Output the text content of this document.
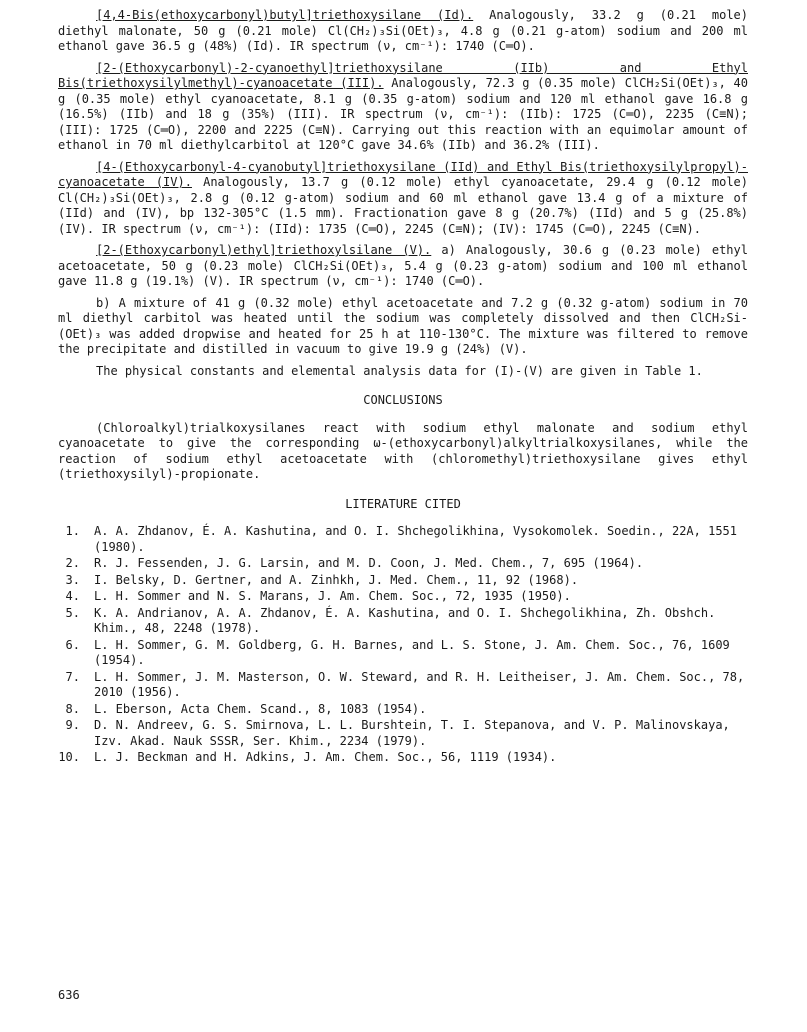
[4,4-Bis(ethoxycarbonyl)butyl]triethoxysilane (Id). Analogously, 33.2 g (0.21 mole) diethyl malonate, 50 g (0.21 mole) Cl(CH₂)₃Si(OEt)₃, 4.8 g (0.21 g-atom) sodium and 200 ml ethanol gave 36.5 g (48%) (Id). IR spectrum (ν, cm⁻¹): 1740 (C═O).

[2-(Ethoxycarbonyl)-2-cyanoethyl]triethoxysilane (IIb) and Ethyl Bis(triethoxysilylmethyl)-cyanoacetate (III). Analogously, 72.3 g (0.35 mole) ClCH₂Si(OEt)₃, 40 g (0.35 mole) ethyl cyanoacetate, 8.1 g (0.35 g-atom) sodium and 120 ml ethanol gave 16.8 g (16.5%) (IIb) and 18 g (35%) (III). IR spectrum (ν, cm⁻¹): (IIb): 1725 (C═O), 2235 (C≡N); (III): 1725 (C═O), 2200 and 2225 (C≡N). Carrying out this reaction with an equimolar amount of ethanol in 70 ml diethylcarbitol at 120°C gave 34.6% (IIb) and 36.2% (III).

[4-(Ethoxycarbonyl-4-cyanobutyl]triethoxysilane (IId) and Ethyl Bis(triethoxysilylpropyl)-cyanoacetate (IV). Analogously, 13.7 g (0.12 mole) ethyl cyanoacetate, 29.4 g (0.12 mole) Cl(CH₂)₃Si(OEt)₃, 2.8 g (0.12 g-atom) sodium and 60 ml ethanol gave 13.4 g of a mixture of (IId) and (IV), bp 132-305°C (1.5 mm). Fractionation gave 8 g (20.7%) (IId) and 5 g (25.8%) (IV). IR spectrum (ν, cm⁻¹): (IId): 1735 (C═O), 2245 (C≡N); (IV): 1745 (C═O), 2245 (C≡N).

[2-(Ethoxycarbonyl)ethyl]triethoxylsilane (V). a) Analogously, 30.6 g (0.23 mole) ethyl acetoacetate, 50 g (0.23 mole) ClCH₂Si(OEt)₃, 5.4 g (0.23 g-atom) sodium and 100 ml ethanol gave 11.8 g (19.1%) (V). IR spectrum (ν, cm⁻¹): 1740 (C═O).

b) A mixture of 41 g (0.32 mole) ethyl acetoacetate and 7.2 g (0.32 g-atom) sodium in 70 ml diethyl carbitol was heated until the sodium was completely dissolved and then ClCH₂Si-(OEt)₃ was added dropwise and heated for 25 h at 110-130°C. The mixture was filtered to remove the precipitate and distilled in vacuum to give 19.9 g (24%) (V).

The physical constants and elemental analysis data for (I)-(V) are given in Table 1.

CONCLUSIONS

(Chloroalkyl)trialkoxysilanes react with sodium ethyl malonate and sodium ethyl cyanoacetate to give the corresponding ω-(ethoxycarbonyl)alkyltrialkoxysilanes, while the reaction of sodium ethyl acetoacetate with (chloromethyl)triethoxysilane gives ethyl (triethoxysilyl)-propionate.

LITERATURE CITED

1. A. A. Zhdanov, É. A. Kashutina, and O. I. Shchegolikhina, Vysokomolek. Soedin., 22A, 1551 (1980).
2. R. J. Fessenden, J. G. Larsin, and M. D. Coon, J. Med. Chem., 7, 695 (1964).
3. I. Belsky, D. Gertner, and A. Zinhkh, J. Med. Chem., 11, 92 (1968).
4. L. H. Sommer and N. S. Marans, J. Am. Chem. Soc., 72, 1935 (1950).
5. K. A. Andrianov, A. A. Zhdanov, É. A. Kashutina, and O. I. Shchegolikhina, Zh. Obshch. Khim., 48, 2248 (1978).
6. L. H. Sommer, G. M. Goldberg, G. H. Barnes, and L. S. Stone, J. Am. Chem. Soc., 76, 1609 (1954).
7. L. H. Sommer, J. M. Masterson, O. W. Steward, and R. H. Leitheiser, J. Am. Chem. Soc., 78, 2010 (1956).
8. L. Eberson, Acta Chem. Scand., 8, 1083 (1954).
9. D. N. Andreev, G. S. Smirnova, L. L. Burshtein, T. I. Stepanova, and V. P. Malinovskaya, Izv. Akad. Nauk SSSR, Ser. Khim., 2234 (1979).
10. L. J. Beckman and H. Adkins, J. Am. Chem. Soc., 56, 1119 (1934).
636
